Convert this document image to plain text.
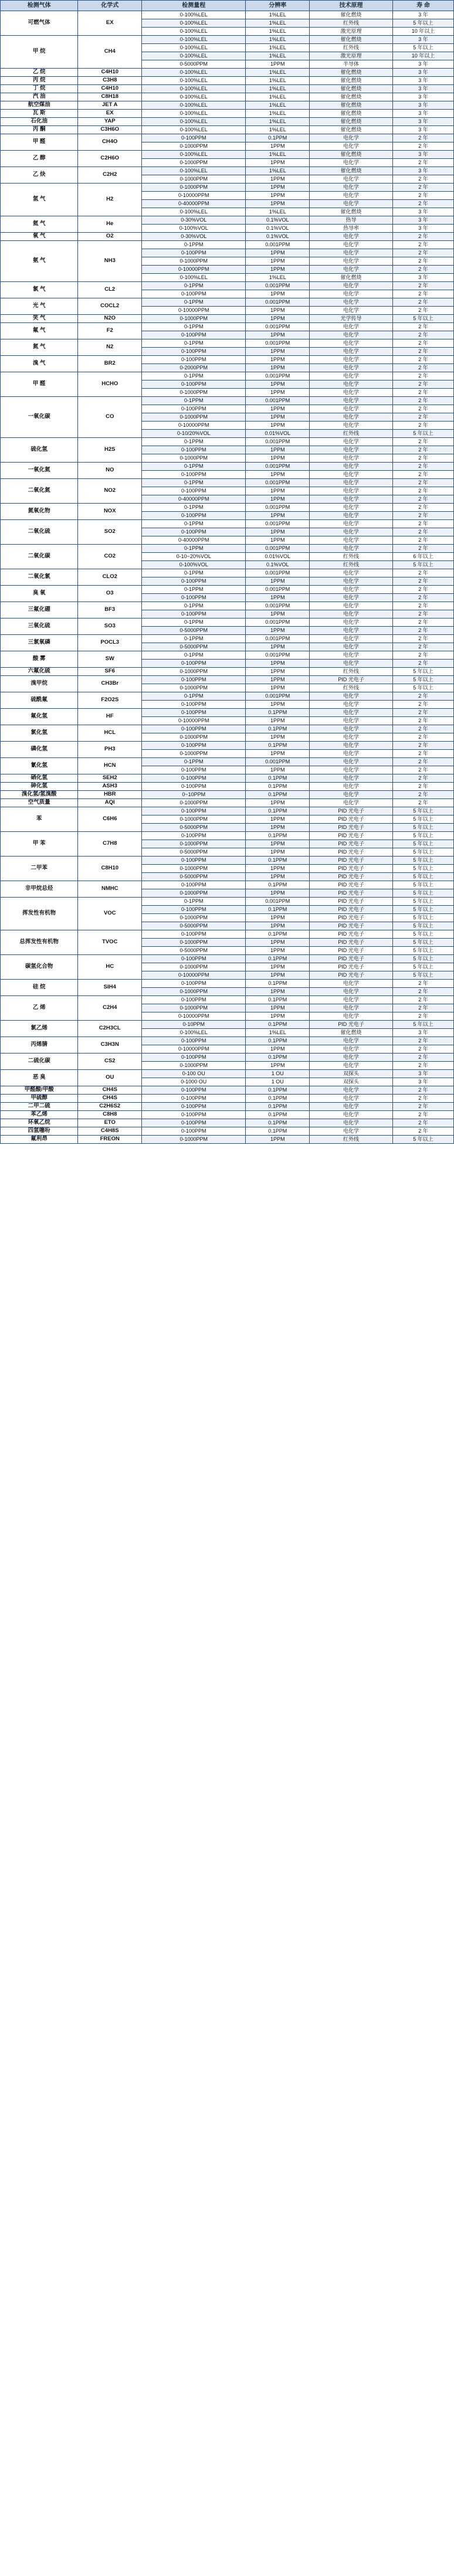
检测气体	化学式	检测量程	分辨率	技术原理	寿 命
可燃气体	EX	0-100%LEL	1%LEL	催化燃烧	3 年
		0-100%LEL	1%LEL	红外线	5 年以上
		0-100%LEL	1%LEL	激光原理	10 年以上
甲 烷	CH4	0-100%LEL	1%LEL	催化燃烧	3 年
		0-100%LEL	1%LEL	红外线	5 年以上
		0-100%LEL	1%LEL	激光原理	10 年以上
		0-5000PPM	1PPM	半导体	3 年
乙 烷	C4H10	0-100%LEL	1%LEL	催化燃烧	3 年
丙 烷	C3H8	0-100%LEL	1%LEL	催化燃烧	3 年
丁 烷	C4H10	0-100%LEL	1%LEL	催化燃烧	3 年
汽 油	C8H18	0-100%LEL	1%LEL	催化燃烧	3 年
航空煤油	JET A	0-100%LEL	1%LEL	催化燃烧	3 年
瓦 斯	EX	0-100%LEL	1%LEL	催化燃烧	3 年
石化油	YAP	0-100%LEL	1%LEL	催化燃烧	3 年
丙 酮	C3H6O	0-100%LEL	1%LEL	催化燃烧	3 年
甲 醛	CH4O	0-100PPM	0.1PPM	电化学	2 年
		0-1000PPM	1PPM	电化学	2 年
乙 醇	C2H6O	0-100%LEL	1%LEL	催化燃烧	3 年
		0-1000PPM	1PPM	电化学	2 年
乙 炔	C2H2	0-100%LEL	1%LEL	催化燃烧	3 年
		0-1000PPM	1PPM	电化学	2 年
氢 气	H2	0-1000PPM	1PPM	电化学	2 年
		0-10000PPM	1PPM	电化学	2 年
		0-40000PPM	1PPM	电化学	2 年
		0-100%LEL	1%LEL	催化燃烧	3 年
氦 气	He	0-30%VOL	0.1%VOL	热导	3 年
		0-100%VOL	0.1%VOL	热导率	3 年
氧 气	O2	0-30%VOL	0.1%VOL	电化学	2 年
氨 气	NH3	0-1PPM	0.001PPM	电化学	2 年
		0-100PPM	1PPM	电化学	2 年
		0-1000PPM	1PPM	电化学	2 年
		0-10000PPM	1PPM	电化学	2 年
		0-100%LEL	1%LEL	催化燃烧	3 年
氯 气	CL2	0-1PPM	0.001PPM	电化学	2 年
		0-100PPM	1PPM	电化学	2 年
光 气	COCL2	0-1PPM	0.001PPM	电化学	2 年
		0-10000PPM	1PPM	电化学	2 年
笑 气	N2O	0-1000PPM	1PPM	光学传导	5 年以上
氟 气	F2	0-1PPM	0.001PPM	电化学	2 年
		0-100PPM	1PPM	电化学	2 年
氮 气	N2	0-1PPM	0.001PPM	电化学	2 年
		0-100PPM	1PPM	电化学	2 年
溴 气	BR2	0-100PPM	1PPM	电化学	2 年
		0-2000PPM	1PPM	电化学	2 年
甲 醛	HCHO	0-1PPM	0.001PPM	电化学	2 年
		0-100PPM	1PPM	电化学	2 年
		0-1000PPM	1PPM	电化学	2 年
一氧化碳	CO	0-1PPM	0.001PPM	电化学	2 年
		0-100PPM	1PPM	电化学	2 年
		0-1000PPM	1PPM	电化学	2 年
		0-10000PPM	1PPM	电化学	2 年
		0-10/20%VOL	0.01%VOL	红外线	5 年以上
硫化氢	H2S	0-1PPM	0.001PPM	电化学	2 年
		0-100PPM	1PPM	电化学	2 年
		0-1000PPM	1PPM	电化学	2 年
一氧化氮	NO	0-1PPM	0.001PPM	电化学	2 年
		0-100PPM	1PPM	电化学	2 年
二氧化氮	NO2	0-1PPM	0.001PPM	电化学	2 年
		0-100PPM	1PPM	电化学	2 年
		0-40000PPM	1PPM	电化学	2 年
氮氧化物	NOX	0-1PPM	0.001PPM	电化学	2 年
		0-100PPM	1PPM	电化学	2 年
二氧化硫	SO2	0-1PPM	0.001PPM	电化学	2 年
		0-100PPM	1PPM	电化学	2 年
		0-40000PPM	1PPM	电化学	2 年
二氧化碳	CO2	0-1PPM	0.001PPM	电化学	2 年
		0-10~20%VOL	0.01%VOL	红外线	6 年以上
		0-100%VOL	0.1%VOL	红外线	5 年以上
二氧化氯	CLO2	0-1PPM	0.001PPM	电化学	2 年
		0-100PPM	1PPM	电化学	2 年
臭 氧	O3	0-1PPM	0.001PPM	电化学	2 年
		0-100PPM	1PPM	电化学	2 年
三氟化硼	BF3	0-1PPM	0.001PPM	电化学	2 年
		0-100PPM	1PPM	电化学	2 年
三氧化硫	SO3	0-1PPM	0.001PPM	电化学	2 年
		0-5000PPM	1PPM	电化学	2 年
三氯氧磷	POCL3	0-1PPM	0.001PPM	电化学	2 年
		0-5000PPM	1PPM	电化学	2 年
酸 雾	SW	0-1PPM	0.001PPM	电化学	2 年
		0-100PPM	1PPM	电化学	2 年
六氟化硫	SF6	0-1000PPM	1PPM	红外线	5 年以上
溴甲烷	CH3Br	0-100PPM	1PPM	PID 光电子	5 年以上
		0-1000PPM	1PPM	红外线	5 年以上
硫酰氟	F2O2S	0-1PPM	0.001PPM	电化学	2 年
		0-100PPM	1PPM	电化学	2 年
氟化氢	HF	0-100PPM	0.1PPM	电化学	2 年
		0-10000PPM	1PPM	电化学	2 年
氯化氢	HCL	0-100PPM	0.1PPM	电化学	2 年
		0-1000PPM	1PPM	电化学	2 年
磷化氢	PH3	0-100PPM	0.1PPM	电化学	2 年
		0-1000PPM	1PPM	电化学	2 年
氰化氢	HCN	0-1PPM	0.001PPM	电化学	2 年
		0-100PPM	1PPM	电化学	2 年
硒化氢	SEH2	0-100PPM	0.1PPM	电化学	2 年
砷化氢	ASH3	0-100PPM	0.1PPM	电化学	2 年
溴化氢/氢溴酸	HBR	0~10PPM	0.1PPM	电化学	2 年
空气质量	AQI	0-1000PPM	1PPM	电化学	2 年
苯	C6H6	0-100PPM	0.1PPM	PID 光电子	5 年以上
		0-1000PPM	1PPM	PID 光电子	5 年以上
		0-5000PPM	1PPM	PID 光电子	5 年以上
甲 苯	C7H8	0-100PPM	0.1PPM	PID 光电子	5 年以上
		0-1000PPM	1PPM	PID 光电子	5 年以上
		0-5000PPM	1PPM	PID 光电子	5 年以上
二甲苯	C8H10	0-100PPM	0.1PPM	PID 光电子	5 年以上
		0-1000PPM	1PPM	PID 光电子	5 年以上
		0-5000PPM	1PPM	PID 光电子	5 年以上
非甲烷总烃	NMHC	0-100PPM	0.1PPM	PID 光电子	5 年以上
		0-1000PPM	1PPM	PID 光电子	5 年以上
挥发性有机物	VOC	0-1PPM	0.001PPM	PID 光电子	5 年以上
		0-100PPM	0.1PPM	PID 光电子	5 年以上
		0-1000PPM	1PPM	PID 光电子	5 年以上
		0-5000PPM	1PPM	PID 光电子	5 年以上
总挥发性有机物	TVOC	0-100PPM	0.1PPM	PID 光电子	5 年以上
		0-1000PPM	1PPM	PID 光电子	5 年以上
		0-5000PPM	1PPM	PID 光电子	5 年以上
碳氢化合物	HC	0-100PPM	0.1PPM	PID 光电子	5 年以上
		0-1000PPM	1PPM	PID 光电子	5 年以上
		0-10000PPM	1PPM	PID 光电子	5 年以上
硅 烷	SIH4	0-100PPM	0.1PPM	电化学	2 年
		0-1000PPM	1PPM	电化学	2 年
乙 烯	C2H4	0-100PPM	0.1PPM	电化学	2 年
		0-1000PPM	1PPM	电化学	2 年
		0-10000PPM	1PPM	电化学	2 年
氯乙烯	C2H3CL	0-10PPM	0.1PPM	PID 光电子	5 年以上
		0-100%LEL	1%LEL	催化燃烧	3 年
丙烯腈	C3H3N	0-100PPM	0.1PPM	电化学	2 年
		0-10000PPM	1PPM	电化学	2 年
二硫化碳	CS2	0-100PPM	0.1PPM	电化学	2 年
		0-1000PPM	1PPM	电化学	2 年
恶 臭	OU	0-100 OU	1 OU	双探头	3 年
		0-1000 OU	1 OU	双探头	3 年
甲醛酸/甲酸	CH4S	0-100PPM	0.1PPM	电化学	2 年
甲硫醇	CH4S	0-100PPM	0.1PPM	电化学	2 年
二甲二硫	C2H6S2	0-100PPM	0.1PPM	电化学	2 年
苯乙烯	C8H8	0-100PPM	0.1PPM	电化学	2 年
环氧乙烷	ETO	0-100PPM	0.1PPM	电化学	2 年
四氢噻吩	C4H8S	0-100PPM	0.1PPM	电化学	2 年
氟利昂	FREON	0-1000PPM	1PPM	红外线	5 年以上
